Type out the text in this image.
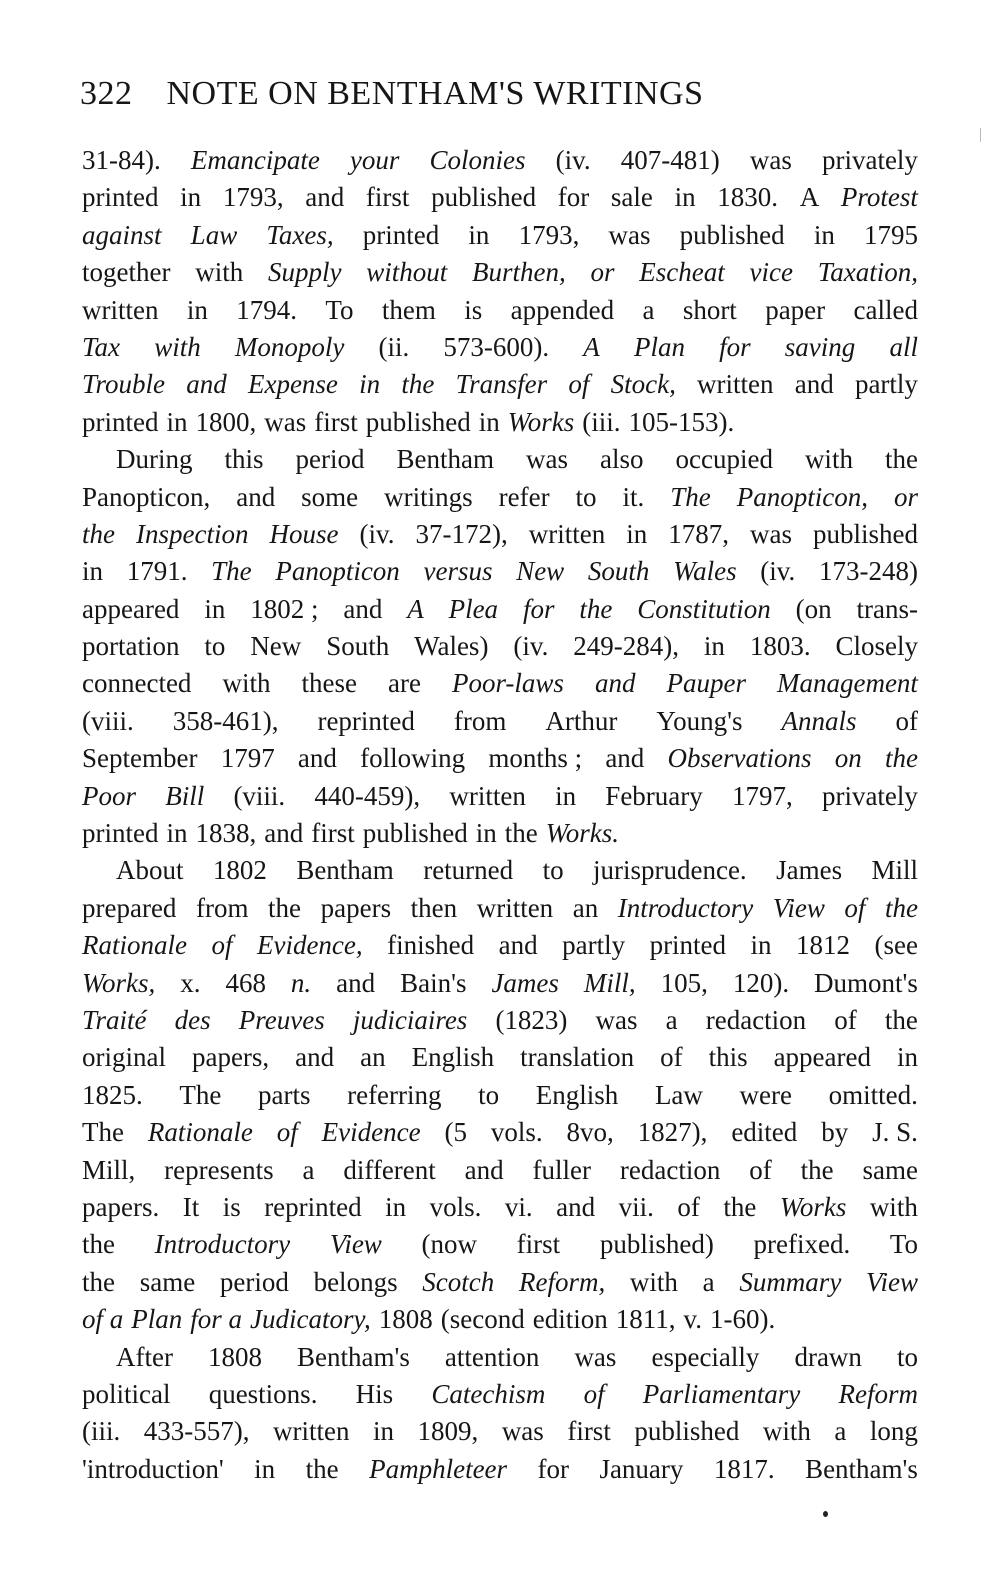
322 NOTE ON BENTHAM'S WRITINGS
31-84). Emancipate your Colonies (iv. 407-481) was privately
printed in 1793, and first published for sale in 1830. A Protest
against Law Taxes, printed in 1793, was published in 1795
together with Supply without Burthen, or Escheat vice Taxation,
written in 1794. To them is appended a short paper called
Tax with Monopoly (ii. 573-600). A Plan for saving all
Trouble and Expense in the Transfer of Stock, written and partly
printed in 1800, was first published in Works (iii. 105-153).
During this period Bentham was also occupied with the
Panopticon, and some writings refer to it. The Panopticon, or
the Inspection House (iv. 37-172), written in 1787, was published
in 1791. The Panopticon versus New South Wales (iv. 173-248)
appeared in 1802 ; and A Plea for the Constitution (on trans-
portation to New South Wales) (iv. 249-284), in 1803. Closely
connected with these are Poor-laws and Pauper Management
(viii. 358-461), reprinted from Arthur Young's Annals of
September 1797 and following months ; and Observations on the
Poor Bill (viii. 440-459), written in February 1797, privately
printed in 1838, and first published in the Works.
About 1802 Bentham returned to jurisprudence. James Mill
prepared from the papers then written an Introductory View of the
Rationale of Evidence, finished and partly printed in 1812 (see
Works, x. 468 n. and Bain's James Mill, 105, 120). Dumont's
Traité des Preuves judiciaires (1823) was a redaction of the
original papers, and an English translation of this appeared in
1825. The parts referring to English Law were omitted.
The Rationale of Evidence (5 vols. 8vo, 1827), edited by J. S.
Mill, represents a different and fuller redaction of the same
papers. It is reprinted in vols. vi. and vii. of the Works with
the Introductory View (now first published) prefixed. To
the same period belongs Scotch Reform, with a Summary View
of a Plan for a Judicatory, 1808 (second edition 1811, v. 1-60).
After 1808 Bentham's attention was especially drawn to
political questions. His Catechism of Parliamentary Reform
(iii. 433-557), written in 1809, was first published with a long
'introduction' in the Pamphleteer for January 1817. Bentham's
